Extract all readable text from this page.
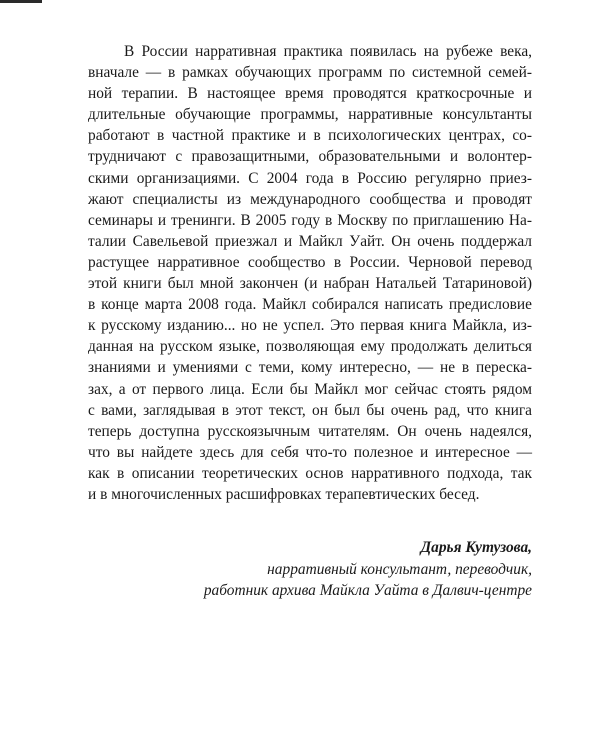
В России нарративная практика появилась на рубеже века,
вначале — в рамках обучающих программ по системной семей-
ной терапии. В настоящее время проводятся краткосрочные и
длительные обучающие программы, нарративные консультанты
работают в частной практике и в психологических центрах, со-
трудничают с правозащитными, образовательными и волонтер-
скими организациями. С 2004 года в Россию регулярно приез-
жают специалисты из международного сообщества и проводят
семинары и тренинги. В 2005 году в Москву по приглашению На-
талии Савельевой приезжал и Майкл Уайт. Он очень поддержал
растущее нарративное сообщество в России. Черновой перевод
этой книги был мной закончен (и набран Натальей Татариновой)
в конце марта 2008 года. Майкл собирался написать предисловие
к русскому изданию... но не успел. Это первая книга Майкла, из-
данная на русском языке, позволяющая ему продолжать делиться
знаниями и умениями с теми, кому интересно, — не в переска-
зах, а от первого лица. Если бы Майкл мог сейчас стоять рядом
с вами, заглядывая в этот текст, он был бы очень рад, что книга
теперь доступна русскоязычным читателям. Он очень надеялся,
что вы найдете здесь для себя что-то полезное и интересное —
как в описании теоретических основ нарративного подхода, так
и в многочисленных расшифровках терапевтических бесед.

Дарья Кутузова,
нарративный консультант, переводчик,
работник архива Майкла Уайта в Далвич-центре
